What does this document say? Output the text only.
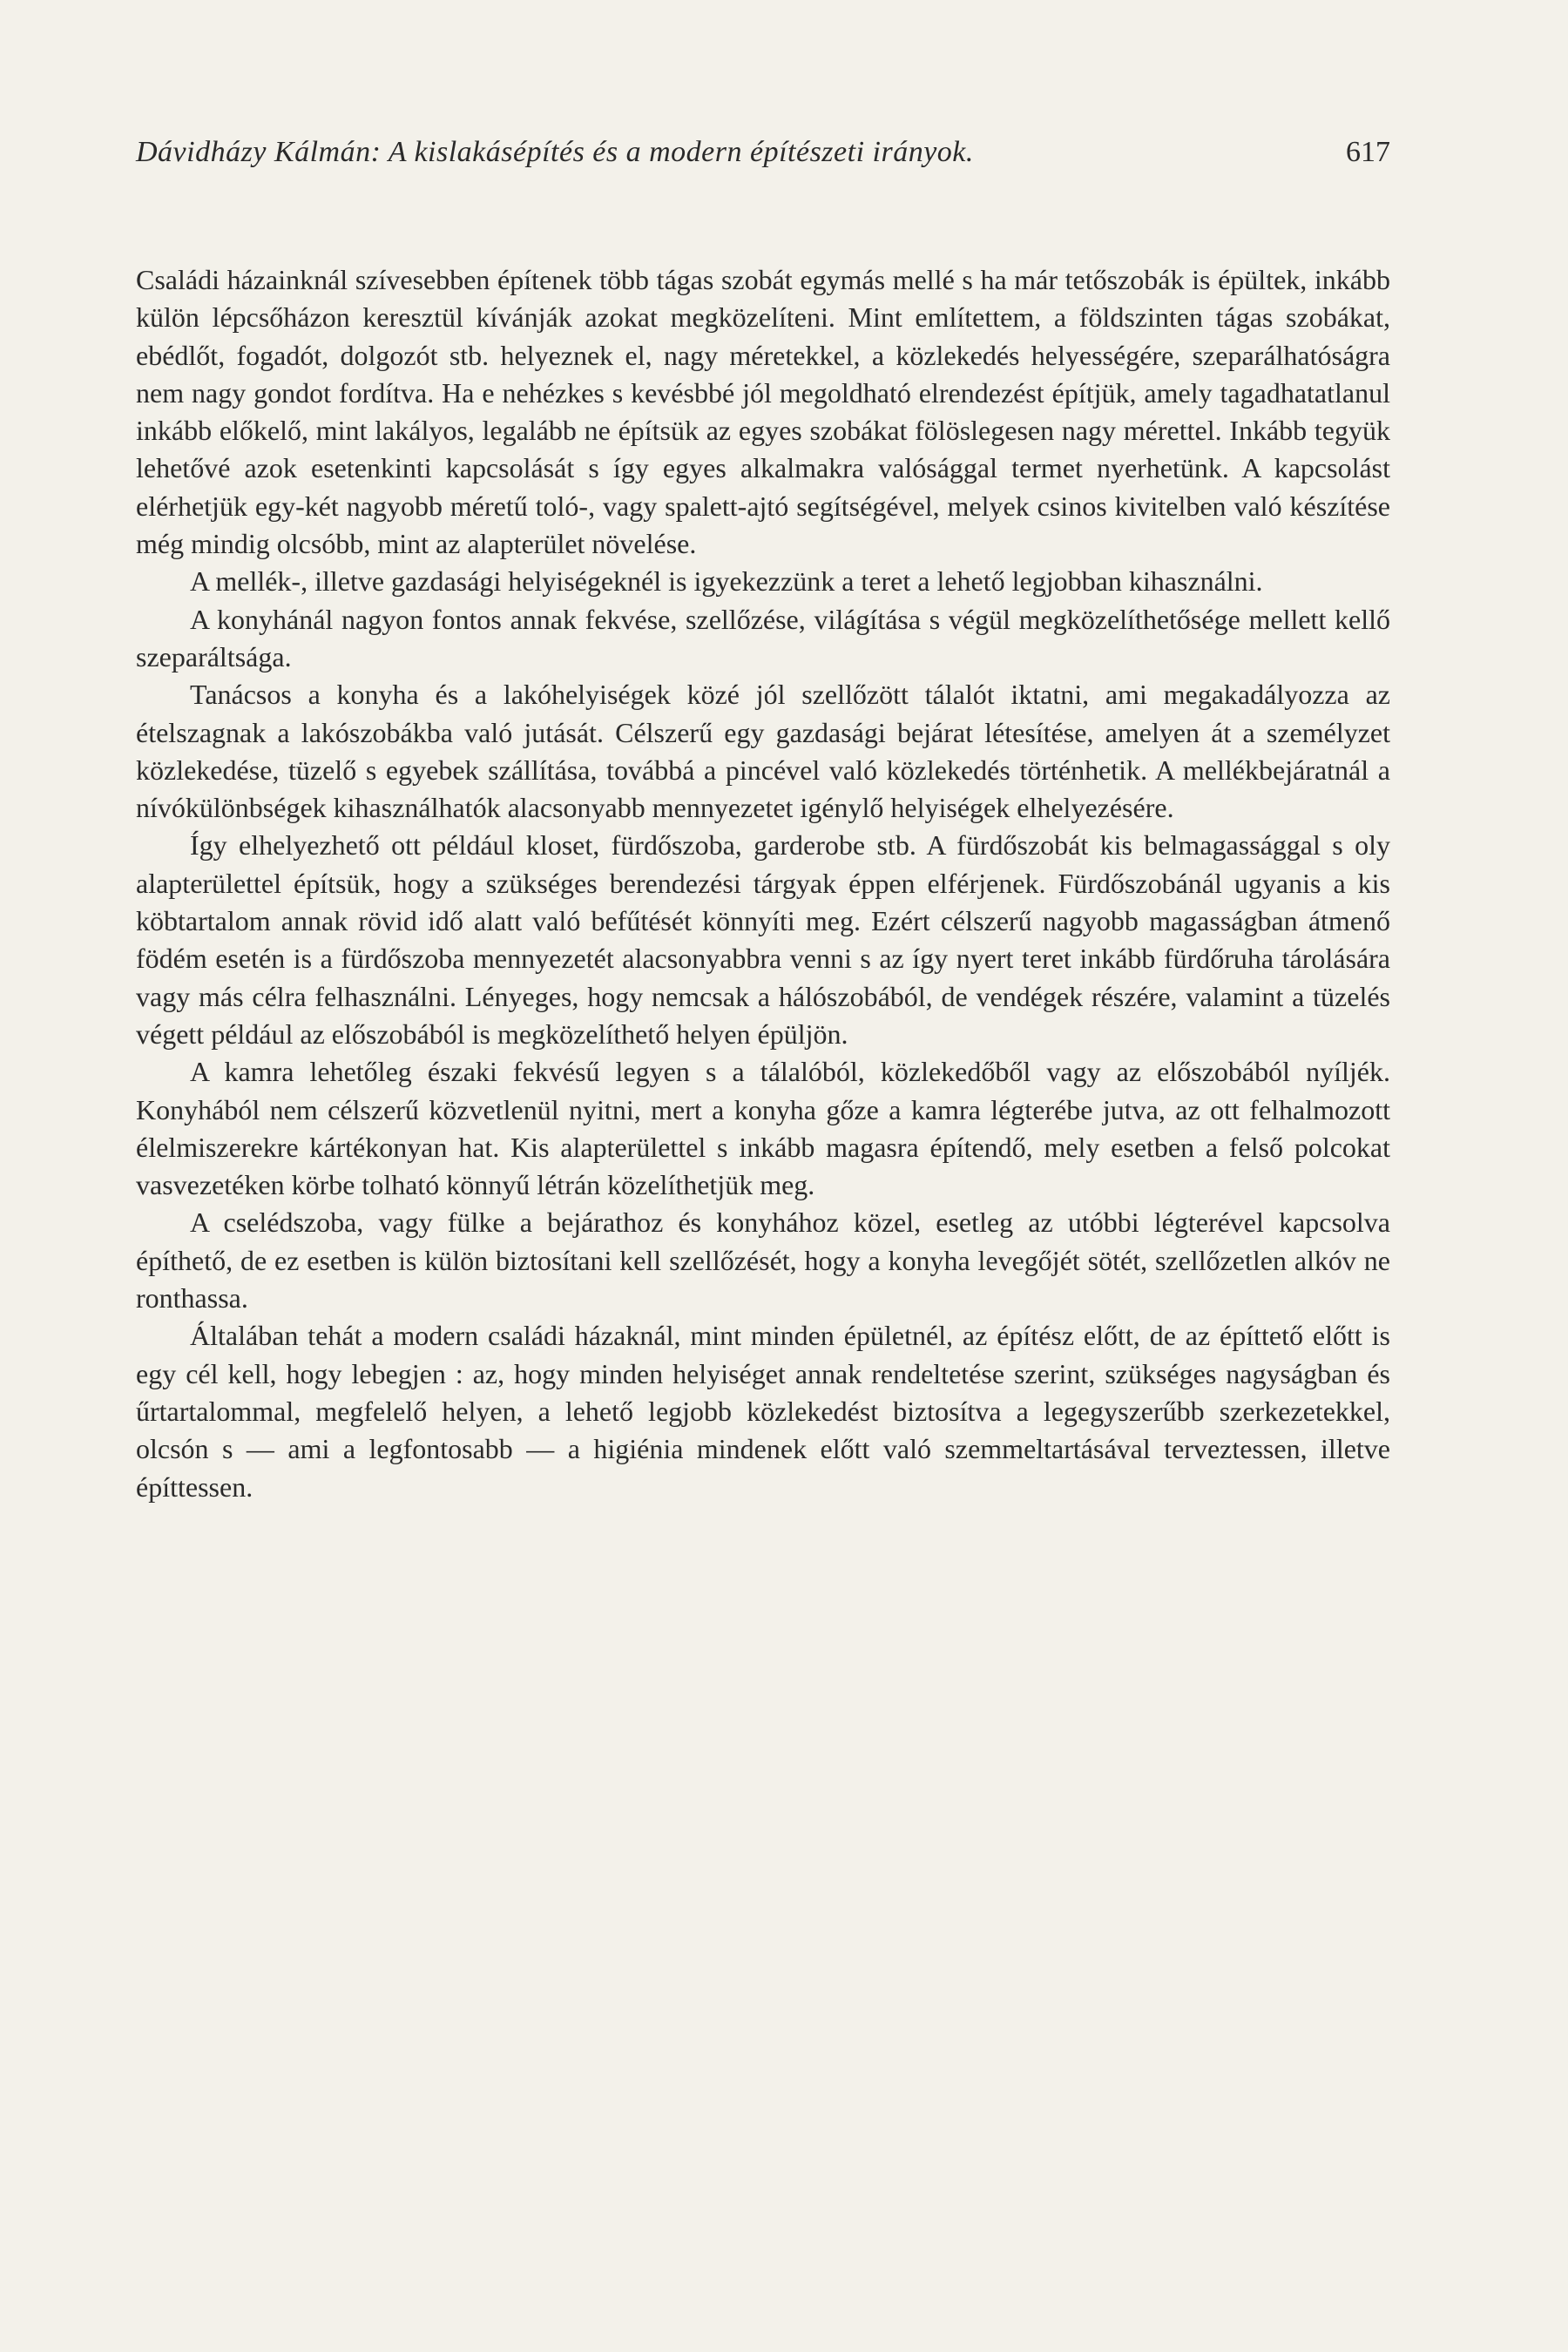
Dávidházy Kálmán: A kislakásépítés és a modern építészeti irányok.	617

Családi házainknál szívesebben építenek több tágas szobát egymás mellé s ha már tetőszobák is épültek, inkább külön lépcsőházon keresztül kívánják azokat megközelíteni. Mint említettem, a földszinten tágas szobákat, ebédlőt, fogadót, dolgozót stb. helyeznek el, nagy méretekkel, a közlekedés helyességére, szeparálhatóságra nem nagy gondot fordítva. Ha e nehézkes s kevésbbé jól megoldható elrendezést építjük, amely tagadhatatlanul inkább előkelő, mint lakályos, legalább ne építsük az egyes szobákat fölöslegesen nagy mérettel. Inkább tegyük lehetővé azok esetenkinti kapcsolását s így egyes alkalmakra valósággal termet nyerhetünk. A kapcsolást elérhetjük egy-két nagyobb méretű toló-, vagy spalett-ajtó segítségével, melyek csinos kivitelben való készítése még mindig olcsóbb, mint az alapterület növelése.

A mellék-, illetve gazdasági helyiségeknél is igyekezzünk a teret a lehető legjobban kihasználni.

A konyhánál nagyon fontos annak fekvése, szellőzése, világítása s végül megközelíthetősége mellett kellő szeparáltsága.

Tanácsos a konyha és a lakóhelyiségek közé jól szellőzött tálalót iktatni, ami megakadályozza az ételszagnak a lakószobákba való jutását. Célszerű egy gazdasági bejárat létesítése, amelyen át a személyzet közlekedése, tüzelő s egyebek szállítása, továbbá a pincével való közlekedés történhetik. A mellékbejáratnál a nívókülönbségek kihasználhatók alacsonyabb mennyezetet igénylő helyiségek elhelyezésére.

Így elhelyezhető ott például kloset, fürdőszoba, garderobe stb. A fürdőszobát kis belmagassággal s oly alapterülettel építsük, hogy a szükséges berendezési tárgyak éppen elférjenek. Fürdőszobánál ugyanis a kis köbtartalom annak rövid idő alatt való befűtését könnyíti meg. Ezért célszerű nagyobb magasságban átmenő födém esetén is a fürdőszoba mennyezetét alacsonyabbra venni s az így nyert teret inkább fürdőruha tárolására vagy más célra felhasználni. Lényeges, hogy nemcsak a hálószobából, de vendégek részére, valamint a tüzelés végett például az előszobából is megközelíthető helyen épüljön.

A kamra lehetőleg északi fekvésű legyen s a tálalóból, közlekedőből vagy az előszobából nyíljék. Konyhából nem célszerű közvetlenül nyitni, mert a konyha gőze a kamra légterébe jutva, az ott felhalmozott élelmiszerekre kártékonyan hat. Kis alapterülettel s inkább magasra építendő, mely esetben a felső polcokat vasvezetéken körbe tolható könnyű létrán közelíthetjük meg.

A cselédszoba, vagy fülke a bejárathoz és konyhához közel, esetleg az utóbbi légterével kapcsolva építhető, de ez esetben is külön biztosítani kell szellőzését, hogy a konyha levegőjét sötét, szellőzetlen alkóv ne ronthassa.

Általában tehát a modern családi házaknál, mint minden épületnél, az építész előtt, de az építtető előtt is egy cél kell, hogy lebegjen : az, hogy minden helyiséget annak rendeltetése szerint, szükséges nagyságban és űrtartalommal, megfelelő helyen, a lehető legjobb közlekedést biztosítva a legegyszerűbb szerkezetekkel, olcsón s — ami a legfontosabb — a higiénia mindenek előtt való szemmeltartásával terveztessen, illetve építtessen.
